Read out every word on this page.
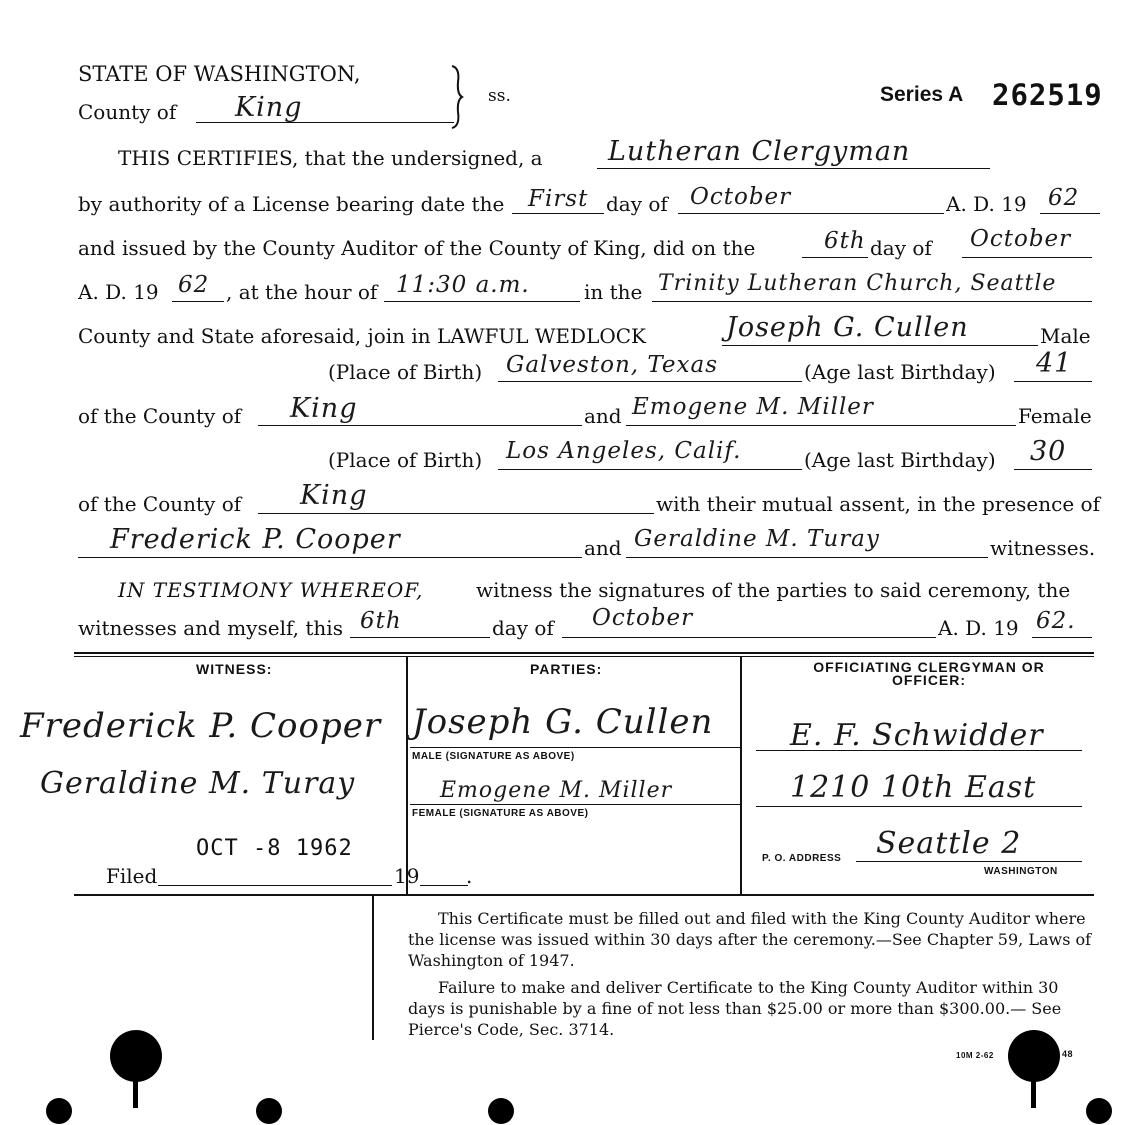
STATE OF WASHINGTON,
County of King	ss.	Series A 262519
THIS CERTIFIES, that the undersigned, a Lutheran Clergyman
by authority of a License bearing date the First day of October	A. D. 19 62
and issued by the County Auditor of the County of King, did on the	6th day of October
A. D. 19 62 , at the hour of 11:30 a.m.	in the Trinity Lutheran Church, Seattle
County and State aforesaid, join in LAWFUL WEDLOCK	Joseph G. Cullen	Male
(Place of Birth) Galveston, Texas	(Age last Birthday) 41
of the County of King	and Emogene M. Miller	Female
(Place of Birth) Los Angeles, Calif.	(Age last Birthday) 30
of the County of King	with their mutual assent, in the presence of
Frederick P. Cooper	and Geraldine M. Turay	witnesses.
IN TESTIMONY WHEREOF,	witness the signatures of the parties to said ceremony, the
witnesses and myself, this 6th	day of October	A. D. 19 62.
WITNESS:	PARTIES:	OFFICIATING CLERGYMAN OR OFFICER:
Frederick P. Cooper
Geraldine M. Turay
Joseph G. Cullen
MALE (SIGNATURE AS ABOVE)
Emogene M. Miller
FEMALE (SIGNATURE AS ABOVE)
E. F. Schwidder
1210 10th East
P. O. ADDRESS Seattle 2
WASHINGTON
OCT -8 1962
Filed	19 .
This Certificate must be filled out and filed with the King County Auditor where the license was issued within 30 days after the ceremony.—See Chapter 59, Laws of Washington of 1947.
Failure to make and deliver Certificate to the King County Auditor within 30 days is punishable by a fine of not less than $25.00 or more than $300.00.— See Pierce's Code, Sec. 3714.
10M 2-62	48
